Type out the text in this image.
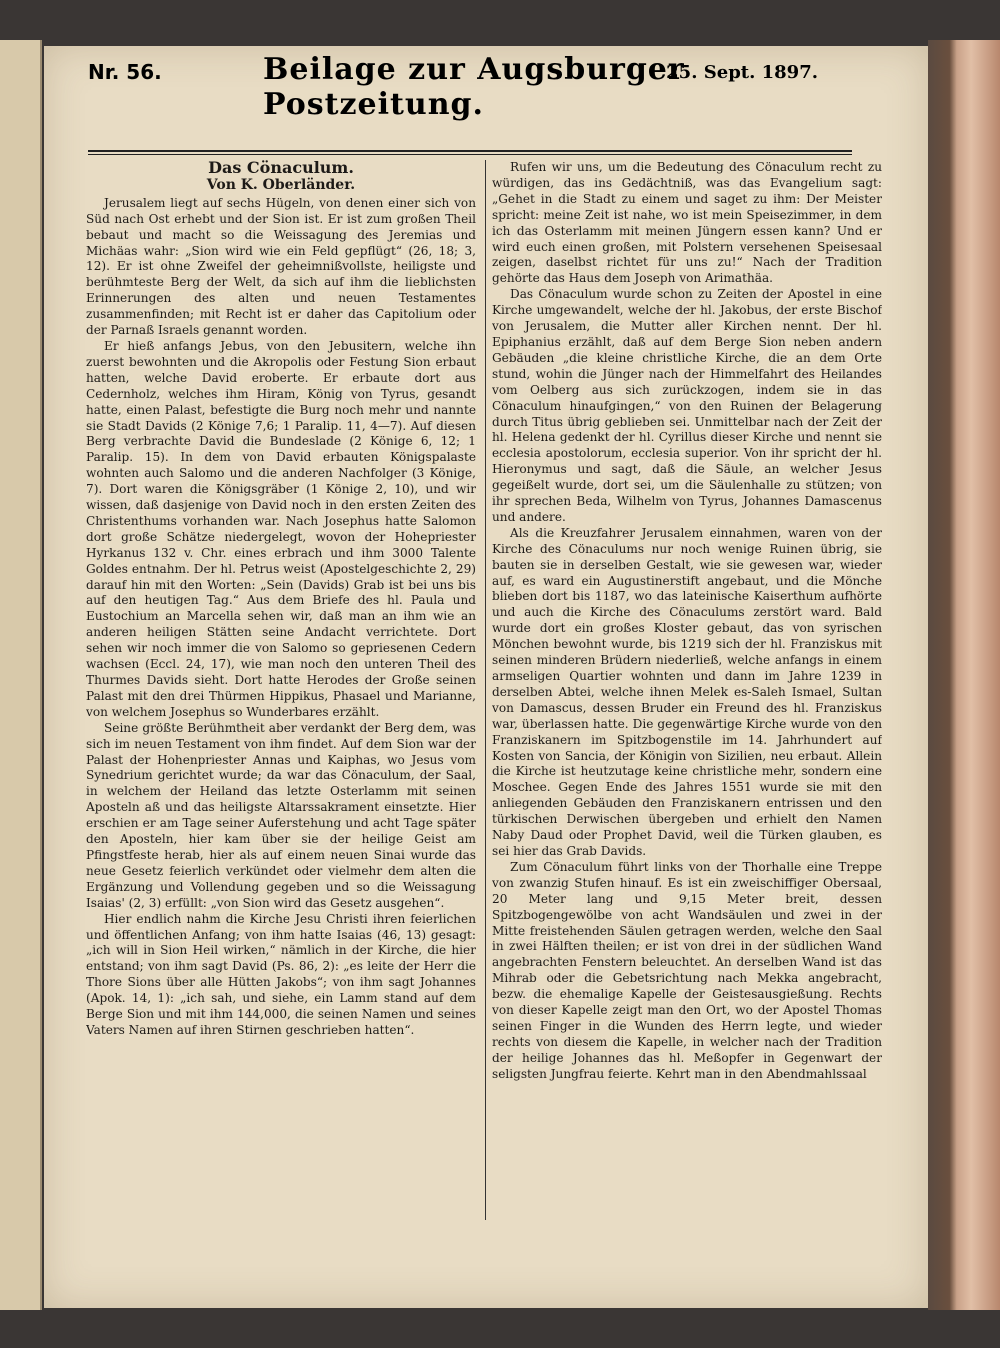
Nr. 56.	Beilage zur Augsburger Postzeitung.
25. Sept. 1897.
Das Cönaculum.
Von K. Oberländer.

Jerusalem liegt auf sechs Hügeln, von denen einer sich von Süd nach Ost erhebt und der Sion ist. Er ist zum großen Theil bebaut und macht so die Weissagung des Jeremias und Michäas wahr: „Sion wird wie ein Feld gepflügt“ (26, 18; 3, 12). Er ist ohne Zweifel der geheimnißvollste, heiligste und berühmteste Berg der Welt, da sich auf ihm die lieblichsten Erinnerungen des alten und neuen Testamentes zusammenfinden; mit Recht ist er daher das Capitolium oder der Parnaß Israels genannt worden.

Er hieß anfangs Jebus, von den Jebusitern, welche ihn zuerst bewohnten und die Akropolis oder Festung Sion erbaut hatten, welche David eroberte. Er erbaute dort aus Cedernholz, welches ihm Hiram, König von Tyrus, gesandt hatte, einen Palast, befestigte die Burg noch mehr und nannte sie Stadt Davids (2 Könige 7,6; 1 Paralip. 11, 4—7). Auf diesen Berg verbrachte David die Bundeslade (2 Könige 6, 12; 1 Paralip. 15). In dem von David erbauten Königspalaste wohnten auch Salomo und die anderen Nachfolger (3 Könige, 7). Dort waren die Königsgräber (1 Könige 2, 10), und wir wissen, daß dasjenige von David noch in den ersten Zeiten des Christenthums vorhanden war. Nach Josephus hatte Salomon dort große Schätze niedergelegt, wovon der Hohepriester Hyrkanus 132 v. Chr. eines erbrach und ihm 3000 Talente Goldes entnahm. Der hl. Petrus weist (Apostelgeschichte 2, 29) darauf hin mit den Worten: „Sein (Davids) Grab ist bei uns bis auf den heutigen Tag.“ Aus dem Briefe des hl. Paula und Eustochium an Marcella sehen wir, daß man an ihm wie an anderen heiligen Stätten seine Andacht verrichtete. Dort sehen wir noch immer die von Salomo so gepriesenen Cedern wachsen (Eccl. 24, 17), wie man noch den unteren Theil des Thurmes Davids sieht. Dort hatte Herodes der Große seinen Palast mit den drei Thürmen Hippikus, Phasael und Marianne, von welchem Josephus so Wunderbares erzählt.

Seine größte Berühmtheit aber verdankt der Berg dem, was sich im neuen Testament von ihm findet. Auf dem Sion war der Palast der Hohenpriester Annas und Kaiphas, wo Jesus vom Synedrium gerichtet wurde; da war das Cönaculum, der Saal, in welchem der Heiland das letzte Osterlamm mit seinen Aposteln aß und das heiligste Altarssakrament einsetzte. Hier erschien er am Tage seiner Auferstehung und acht Tage später den Aposteln, hier kam über sie der heilige Geist am Pfingstfeste herab, hier als auf einem neuen Sinai wurde das neue Gesetz feierlich verkündet oder vielmehr dem alten die Ergänzung und Vollendung gegeben und so die Weissagung Isaias' (2, 3) erfüllt: „von Sion wird das Gesetz ausgehen“.

Hier endlich nahm die Kirche Jesu Christi ihren feierlichen und öffentlichen Anfang; von ihm hatte Isaias (46, 13) gesagt: „ich will in Sion Heil wirken,“ nämlich in der Kirche, die hier entstand; von ihm sagt David (Ps. 86, 2): „es leite der Herr die Thore Sions über alle Hütten Jakobs“; von ihm sagt Johannes (Apok. 14, 1): „ich sah, und siehe, ein Lamm stand auf dem Berge Sion und mit ihm 144,000, die seinen Namen und seines Vaters Namen auf ihren Stirnen geschrieben hatten“.

Rufen wir uns, um die Bedeutung des Cönaculum recht zu würdigen, das ins Gedächtniß, was das Evangelium sagt: „Gehet in die Stadt zu einem und saget zu ihm: Der Meister spricht: meine Zeit ist nahe, wo ist mein Speisezimmer, in dem ich das Osterlamm mit meinen Jüngern essen kann? Und er wird euch einen großen, mit Polstern versehenen Speisesaal zeigen, daselbst richtet für uns zu!“ Nach der Tradition gehörte das Haus dem Joseph von Arimathäa.

Das Cönaculum wurde schon zu Zeiten der Apostel in eine Kirche umgewandelt, welche der hl. Jakobus, der erste Bischof von Jerusalem, die Mutter aller Kirchen nennt. Der hl. Epiphanius erzählt, daß auf dem Berge Sion neben andern Gebäuden „die kleine christliche Kirche, die an dem Orte stund, wohin die Jünger nach der Himmelfahrt des Heilandes vom Oelberg aus sich zurückzogen, indem sie in das Cönaculum hinaufgingen,“ von den Ruinen der Belagerung durch Titus übrig geblieben sei. Unmittelbar nach der Zeit der hl. Helena gedenkt der hl. Cyrillus dieser Kirche und nennt sie ecclesia apostolorum, ecclesia superior. Von ihr spricht der hl. Hieronymus und sagt, daß die Säule, an welcher Jesus gegeißelt wurde, dort sei, um die Säulenhalle zu stützen; von ihr sprechen Beda, Wilhelm von Tyrus, Johannes Damascenus und andere.

Als die Kreuzfahrer Jerusalem einnahmen, waren von der Kirche des Cönaculums nur noch wenige Ruinen übrig, sie bauten sie in derselben Gestalt, wie sie gewesen war, wieder auf, es ward ein Augustinerstift angebaut, und die Mönche blieben dort bis 1187, wo das lateinische Kaiserthum aufhörte und auch die Kirche des Cönaculums zerstört ward. Bald wurde dort ein großes Kloster gebaut, das von syrischen Mönchen bewohnt wurde, bis 1219 sich der hl. Franziskus mit seinen minderen Brüdern niederließ, welche anfangs in einem armseligen Quartier wohnten und dann im Jahre 1239 in derselben Abtei, welche ihnen Melek es-Saleh Ismael, Sultan von Damascus, dessen Bruder ein Freund des hl. Franziskus war, überlassen hatte. Die gegenwärtige Kirche wurde von den Franziskanern im Spitzbogenstile im 14. Jahrhundert auf Kosten von Sancia, der Königin von Sizilien, neu erbaut. Allein die Kirche ist heutzutage keine christliche mehr, sondern eine Moschee. Gegen Ende des Jahres 1551 wurde sie mit den anliegenden Gebäuden den Franziskanern entrissen und den türkischen Derwischen übergeben und erhielt den Namen Naby Daud oder Prophet David, weil die Türken glauben, es sei hier das Grab Davids.

Zum Cönaculum führt links von der Thorhalle eine Treppe von zwanzig Stufen hinauf. Es ist ein zweischiffiger Obersaal, 20 Meter lang und 9,15 Meter breit, dessen Spitzbogengewölbe von acht Wandsäulen und zwei in der Mitte freistehenden Säulen getragen werden, welche den Saal in zwei Hälften theilen; er ist von drei in der südlichen Wand angebrachten Fenstern beleuchtet. An derselben Wand ist das Mihrab oder die Gebetsrichtung nach Mekka angebracht, bezw. die ehemalige Kapelle der Geistesausgießung. Rechts von dieser Kapelle zeigt man den Ort, wo der Apostel Thomas seinen Finger in die Wunden des Herrn legte, und wieder rechts von diesem die Kapelle, in welcher nach der Tradition der heilige Johannes das hl. Meßopfer in Gegenwart der seligsten Jungfrau feierte. Kehrt man in den Abendmahlssaal
